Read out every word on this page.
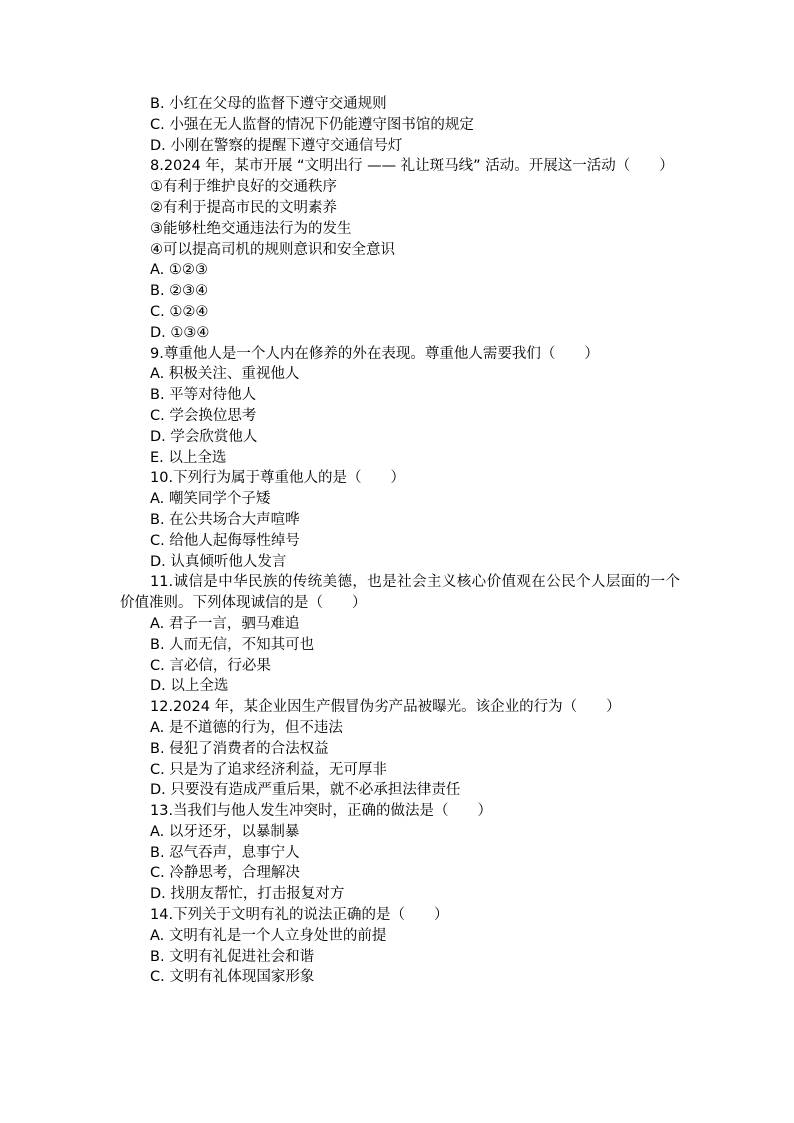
B. 小红在父母的监督下遵守交通规则
C. 小强在无人监督的情况下仍能遵守图书馆的规定
D. 小刚在警察的提醒下遵守交通信号灯
8.2024 年，某市开展 “文明出行 —— 礼让斑马线” 活动。开展这一活动（　　）
①有利于维护良好的交通秩序
②有利于提高市民的文明素养
③能够杜绝交通违法行为的发生
④可以提高司机的规则意识和安全意识
A. ①②③
B. ②③④
C. ①②④
D. ①③④
9.尊重他人是一个人内在修养的外在表现。尊重他人需要我们（　　）
A. 积极关注、重视他人
B. 平等对待他人
C. 学会换位思考
D. 学会欣赏他人
E. 以上全选
10.下列行为属于尊重他人的是（　　）
A. 嘲笑同学个子矮
B. 在公共场合大声喧哗
C. 给他人起侮辱性绰号
D. 认真倾听他人发言
11.诚信是中华民族的传统美德，也是社会主义核心价值观在公民个人层面的一个价值准则。下列体现诚信的是（　　）
A. 君子一言，驷马难追
B. 人而无信，不知其可也
C. 言必信，行必果
D. 以上全选
12.2024 年，某企业因生产假冒伪劣产品被曝光。该企业的行为（　　）
A. 是不道德的行为，但不违法
B. 侵犯了消费者的合法权益
C. 只是为了追求经济利益，无可厚非
D. 只要没有造成严重后果，就不必承担法律责任
13.当我们与他人发生冲突时，正确的做法是（　　）
A. 以牙还牙，以暴制暴
B. 忍气吞声，息事宁人
C. 冷静思考，合理解决
D. 找朋友帮忙，打击报复对方
14.下列关于文明有礼的说法正确的是（　　）
A. 文明有礼是一个人立身处世的前提
B. 文明有礼促进社会和谐
C. 文明有礼体现国家形象
